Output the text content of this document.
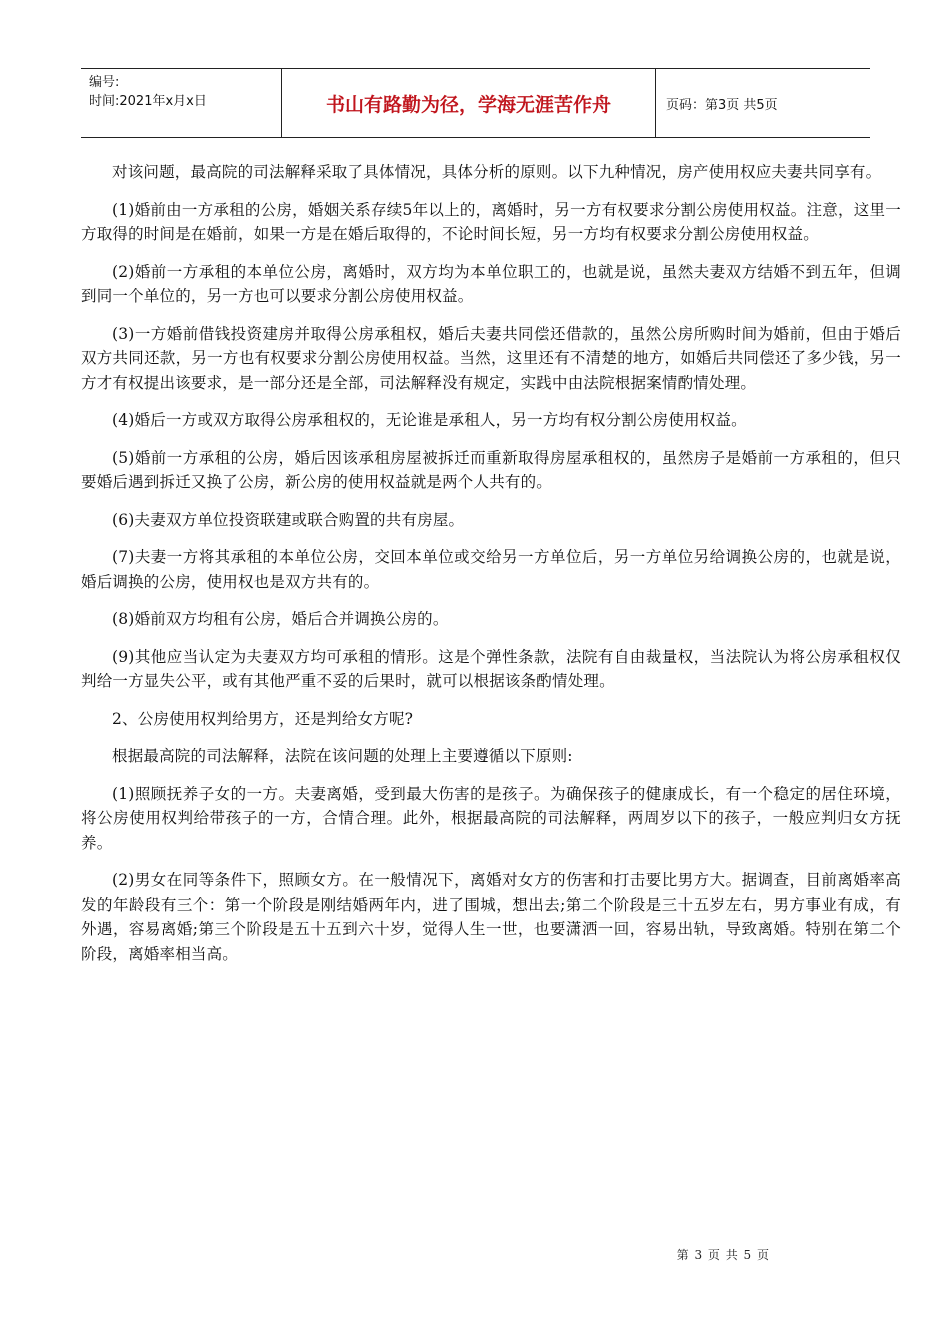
编号:
时间:2021年x月x日	书山有路勤为径，学海无涯苦作舟	页码：第3页 共5页

对该问题，最高院的司法解释采取了具体情况，具体分析的原则。以下九种情况，房产使用权应夫妻共同享有。

(1)婚前由一方承租的公房，婚姻关系存续5年以上的，离婚时，另一方有权要求分割公房使用权益。注意，这里一方取得的时间是在婚前，如果一方是在婚后取得的，不论时间长短，另一方均有权要求分割公房使用权益。

(2)婚前一方承租的本单位公房，离婚时，双方均为本单位职工的，也就是说，虽然夫妻双方结婚不到五年，但调到同一个单位的，另一方也可以要求分割公房使用权益。

(3)一方婚前借钱投资建房并取得公房承租权，婚后夫妻共同偿还借款的，虽然公房所购时间为婚前，但由于婚后双方共同还款，另一方也有权要求分割公房使用权益。当然，这里还有不清楚的地方，如婚后共同偿还了多少钱，另一方才有权提出该要求，是一部分还是全部，司法解释没有规定，实践中由法院根据案情酌情处理。

(4)婚后一方或双方取得公房承租权的，无论谁是承租人，另一方均有权分割公房使用权益。

(5)婚前一方承租的公房，婚后因该承租房屋被拆迁而重新取得房屋承租权的，虽然房子是婚前一方承租的，但只要婚后遇到拆迁又换了公房，新公房的使用权益就是两个人共有的。

(6)夫妻双方单位投资联建或联合购置的共有房屋。

(7)夫妻一方将其承租的本单位公房，交回本单位或交给另一方单位后，另一方单位另给调换公房的，也就是说，婚后调换的公房，使用权也是双方共有的。

(8)婚前双方均租有公房，婚后合并调换公房的。

(9)其他应当认定为夫妻双方均可承租的情形。这是个弹性条款，法院有自由裁量权，当法院认为将公房承租权仅判给一方显失公平，或有其他严重不妥的后果时，就可以根据该条酌情处理。

2、公房使用权判给男方，还是判给女方呢?

根据最高院的司法解释，法院在该问题的处理上主要遵循以下原则:

(1)照顾抚养子女的一方。夫妻离婚，受到最大伤害的是孩子。为确保孩子的健康成长，有一个稳定的居住环境，将公房使用权判给带孩子的一方，合情合理。此外，根据最高院的司法解释，两周岁以下的孩子，一般应判归女方抚养。

(2)男女在同等条件下，照顾女方。在一般情况下，离婚对女方的伤害和打击要比男方大。据调查，目前离婚率高发的年龄段有三个：第一个阶段是刚结婚两年内，进了围城，想出去;第二个阶段是三十五岁左右，男方事业有成，有外遇，容易离婚;第三个阶段是五十五到六十岁，觉得人生一世，也要潇洒一回，容易出轨，导致离婚。特别在第二个阶段，离婚率相当高。

第 3 页 共 5 页
